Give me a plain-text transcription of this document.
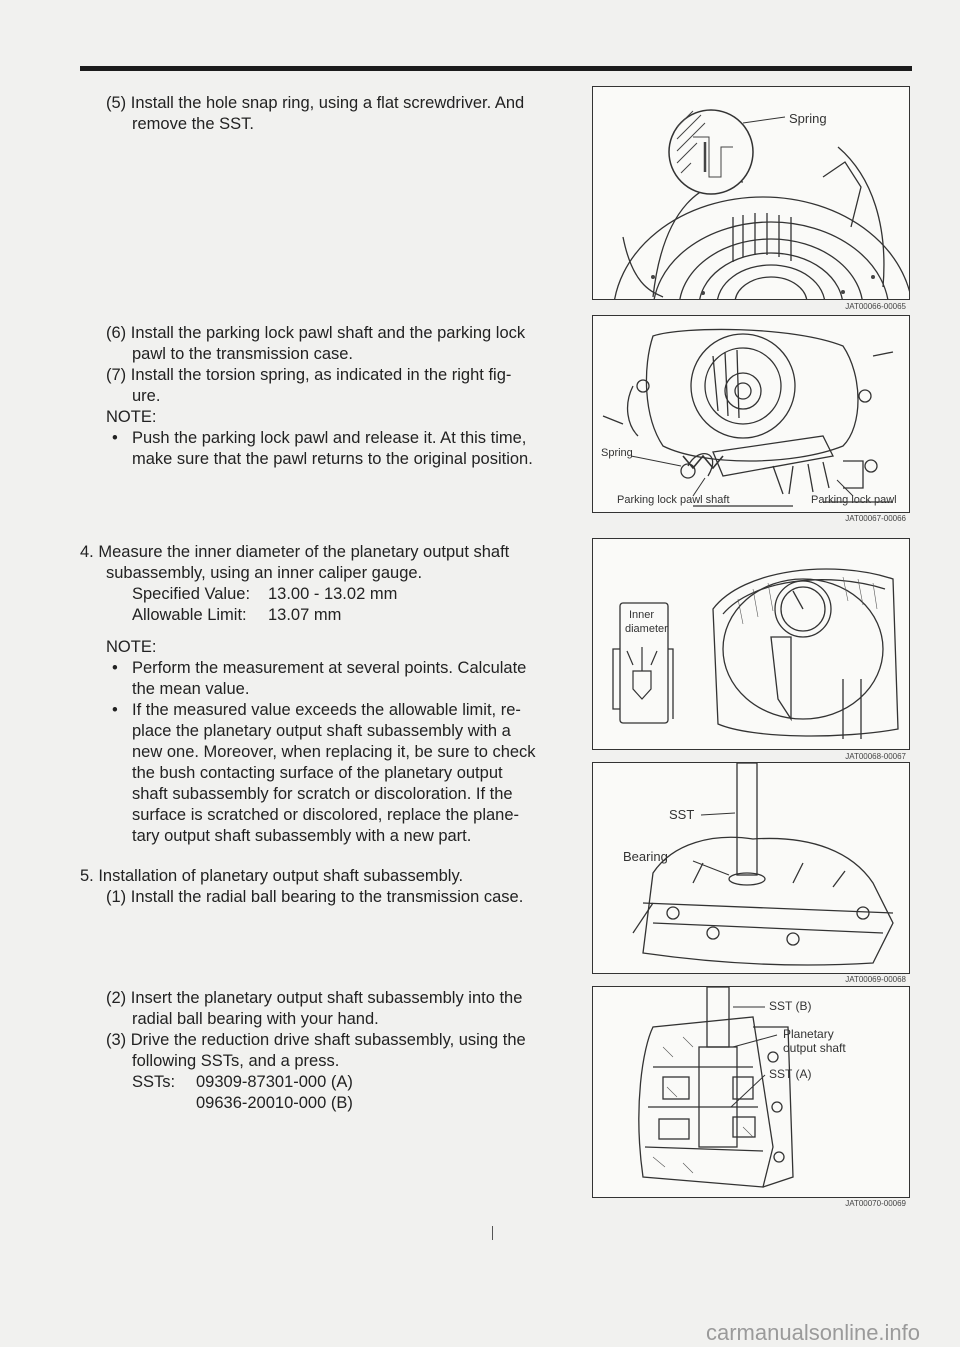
(5) Install the hole snap ring, using a flat screwdriver. And
remove the SST.
(6) Install the parking lock pawl shaft and the parking lock
pawl to the transmission case.
(7) Install the torsion spring, as indicated in the right fig-
ure.
NOTE:
• Push the parking lock pawl and release it. At this time,
make sure that the pawl returns to the original position.
4. Measure the inner diameter of the planetary output shaft
subassembly, using an inner caliper gauge.
Specified Value: 13.00 - 13.02 mm
Allowable Limit: 13.07 mm
NOTE:
• Perform the measurement at several points. Calculate
the mean value.
• If the measured value exceeds the allowable limit, re-
place the planetary output shaft subassembly with a
new one. Moreover, when replacing it, be sure to check
the bush contacting surface of the planetary output
shaft subassembly for scratch or discoloration. If the
surface is scratched or discolored, replace the plane-
tary output shaft subassembly with a new part.
5. Installation of planetary output shaft subassembly.
(1) Install the radial ball bearing to the transmission case.
(2) Insert the planetary output shaft subassembly into the
radial ball bearing with your hand.
(3) Drive the reduction drive shaft subassembly, using the
following SSTs, and a press.
SSTs: 09309-87301-000 (A)
09636-20010-000 (B)
Spring
JAT00066-00065
Spring
Parking lock pawl shaft	Parking lock pawl
JAT00067-00066
Inner
diameter
JAT00068-00067
SST
Bearing
JAT00069-00068
SST (B)
Planetary
output shaft
SST (A)
JAT00070-00069
carmanualsonline.info
